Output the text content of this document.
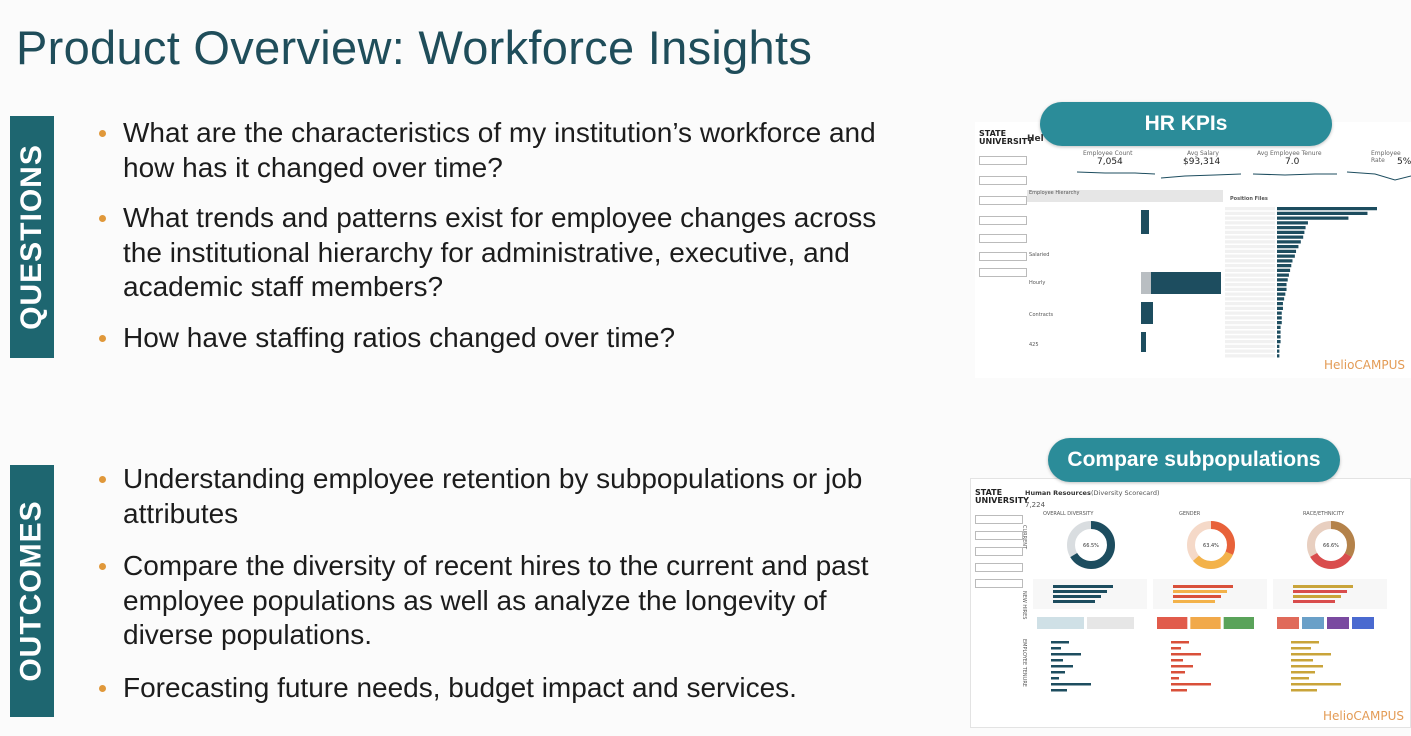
Product Overview: Workforce Insights
QUESTIONS
What are the characteristics of my institution’s workforce and how has it changed over time?
What trends and patterns exist for employee changes across the institutional hierarchy for administrative, executive, and academic staff members?
How have staffing ratios changed over time?
OUTCOMES
Understanding employee retention by subpopulations or job attributes
Compare the diversity of recent hires to the current and past employee populations as well as analyze the longevity of diverse populations.
Forecasting future needs, budget impact and services.
HR KPIs
STATE UNIVERSITY
Hel
Employee Count
7,054
Avg Salary
$93,314
Avg Employee Tenure
7.0
Employee Rate	5%
Employee Hierarchy
Position Files
Salaried
Hourly
Contracts
425
HelioCAMPUS
Compare subpopulations
STATE UNIVERSITY
Human Resources (Diversity Scorecard)
7,224
OVERALL DIVERSITY	GENDER	RACE/ETHNICITY
CURRENT
NEW HIRES
EMPLOYEE TENURE
66.5%	63.4%	66.6%
HelioCAMPUS
